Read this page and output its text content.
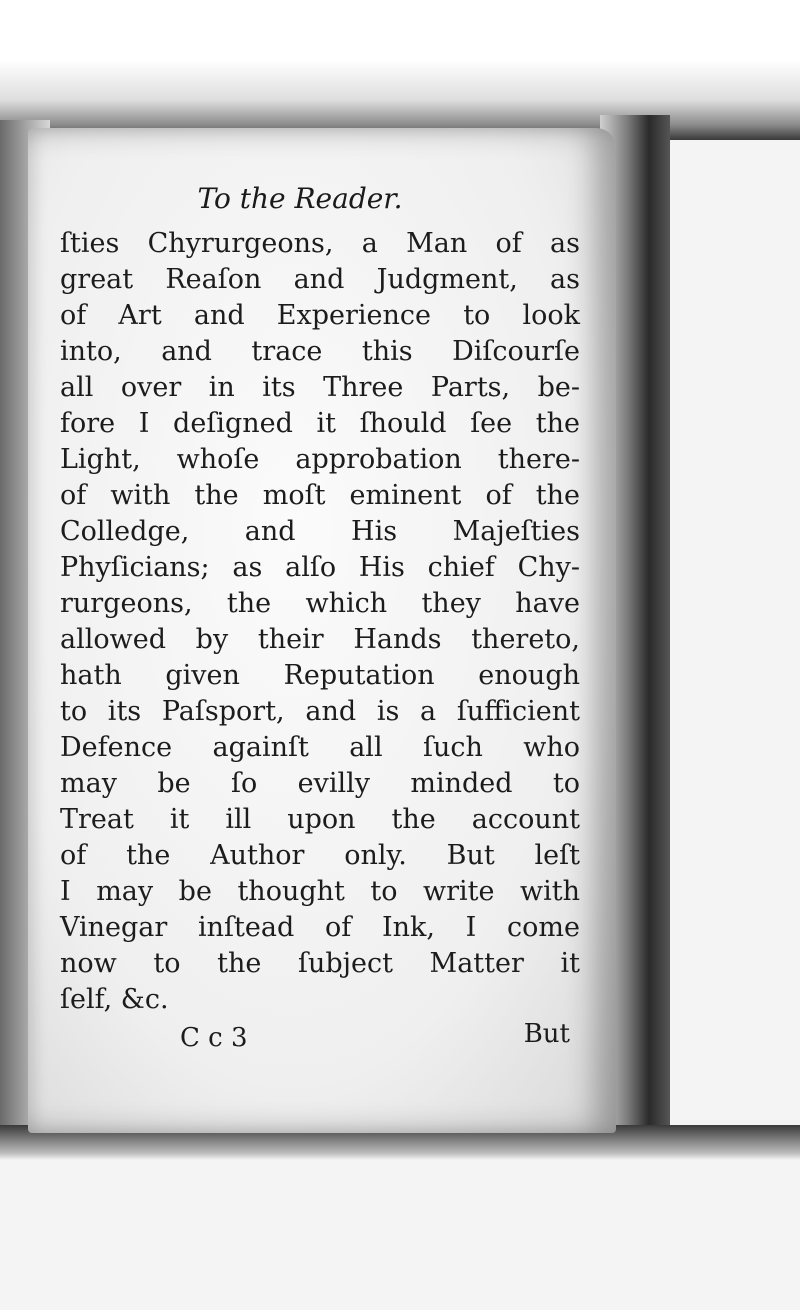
To the Reader.

ſties Chyrurgeons, a Man of as

great Reaſon and Judgment, as

of Art and Experience to look

into, and trace this Diſcourſe

all over in its Three Parts, be-

fore I deſigned it ſhould ſee the

Light, whoſe approbation there-

of with the moſt eminent of the

Colledge, and His Majeſties

Phyſicians; as alſo His chief Chy-

rurgeons, the which they have

allowed by their Hands thereto,

hath given Reputation enough

to its Paſsport, and is a ſufficient

Defence againſt all ſuch who

may be ſo evilly minded to

Treat it ill upon the account

of the Author only. But leſt

I may be thought to write with

Vinegar inſtead of Ink, I come

now to the ſubject Matter it

ſelf, &c.

C c 3	But
